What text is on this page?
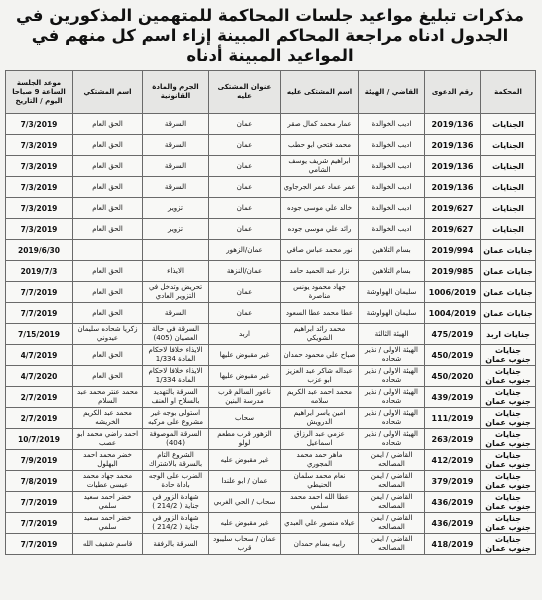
مذكرات تبليغ مواعيد جلسات المحاكمة للمتهمين المذكورين في الجدول ادناه مراجعة المحاكم المبينة إزاء اسم كل منهم في المواعيد المبينة أدناه
المحكمة	رقم الدعوى	القاضي / الهيئة	اسم المشتكى عليه	عنوان المشتكى عليه	الجرم والمادة القانونية	اسم المشتكي	موعد الجلسة الساعة 9 صباحا اليوم / التاريخ
الجنايات	2019/136	اديب الخوالدة	عمار محمد كمال صقر	عمان	السرقة	الحق العام	7/3/2019
الجنايات	2019/136	اديب الخوالدة	محمد فتحي ابو حطب	عمان	السرقة	الحق العام	7/3/2019
الجنايات	2019/136	اديب الخوالدة	ابراهيم شريف يوسف الشامي	عمان	السرقة	الحق العام	7/3/2019
الجنايات	2019/136	اديب الخوالدة	عمر عماد عمر الجرجاوي	عمان	السرقة	الحق العام	7/3/2019
الجنايات	2019/627	اديب الخوالدة	خالد علي موسى جوده	عمان	تزوير	الحق العام	7/3/2019
الجنايات	2019/627	اديب الخوالدة	رائد علي موسى جوده	عمان	تزوير	الحق العام	7/3/2019
جنايات عمان	2019/994	بسام التلاهين	نور محمد عباس صافي	عمان/الزهور			2019/6/30
جنايات عمان	2019/985	بسام التلاهين	نزار عبد الحميد حامد	عمان/النزهة	الايذاء	الحق العام	2019/7/3
جنايات عمان	1006/2019	سليمان الهواوشة	جهاد محمود يونس مناصرة	عمان	تحريض وتدخل في التزوير العادي	الحق العام	7/7/2019
جنايات عمان	1004/2019	سليمان الهواوشة	عطا محمد عطا السعود	عمان	السرقة	الحق العام	7/7/2019
جنايات اربد	475/2019	الهيئة الثالثة	محمد رائد ابراهيم الشويكي	اربد	السرقة في حالة العصيان (405)	زكريا شحاده سليمان عيدوني	7/15/2019
جنايات جنوب عمان	450/2019	الهيئة الاولى / نذير شحاده	صباح علي محمود حمدان	غير مقبوض عليها	الايذاء خلافا لاحكام المادة 1/334	الحق العام	4/7/2019
جنايات جنوب عمان	450/2020	الهيئة الاولى / نذير شحاده	عبداله شاكر عبد العزيز ابو عزب	غير مقبوض عليها	الايذاء خلافا لاحكام المادة 1/334	الحق العام	4/7/2020
جنايات جنوب عمان	439/2019	الهيئة الاولى / نذير شحاده	محمد احمد عبد الكريم سلامه	ناعور السالم قرب مدرسة البنين	السرقة بالتهديد بالسلاح او العنف	محمد عنتر محمد عبد السلام	2/7/2019
جنايات جنوب عمان	111/2019	الهيئة الاولى / نذير شحاده	امين ياسر ابراهيم الدرويش	سحاب	استولى بوجه غير مشروع على مركبه	محمد عبد الكريم الخريشه	2/7/2019
جنايات جنوب عمان	263/2019	الهيئة الاولى / نذير شحاده	عزمي عبد الرزاق اسماعيل	الزهور قرب مطعم لولو	السرقة الموصوفة (404)	احمد راضي محمد ابو عصب	10/7/2019
جنايات جنوب عمان	412/2019	القاضي / ايمن المصالحه	ماهر حمد محمد المجوري	غير مقبوض عليه	الشروع التام بالسرقة بالاشتراك	خضر محمد احمد البهلول	7/9/2019
جنايات جنوب عمان	379/2019	القاضي / ايمن المصالحه	نعام محمد سلمان الحنيطي	عمان / ابو علندا	الضرب على الوجه باداة حادة	محمد جهاد محمد عيسى عطيات	7/8/2019
جنايات جنوب عمان	436/2019	القاضي / ايمن المصالحه	عطا الله احمد محمد سلمي	سحاب / الحي الغربي	شهادة الزور في جناية ( 214/2 )	خضر احمد سعيد سلمي	7/7/2019
جنايات جنوب عمان	436/2019	القاضي / ايمن المصالحه	عيلاه منصور علي العبدي	غير مقبوض عليه	شهادة الزور في جناية ( 214/2 )	خضر احمد سعيد سلمي	7/7/2019
جنايات جنوب عمان	418/2019	القاضي / ايمن المصالحه	رابيه بسام حمدان	عمان / سحاب سليبود قرب	السرقة بالرفقة	قاسم شقيف الله	7/7/2019
